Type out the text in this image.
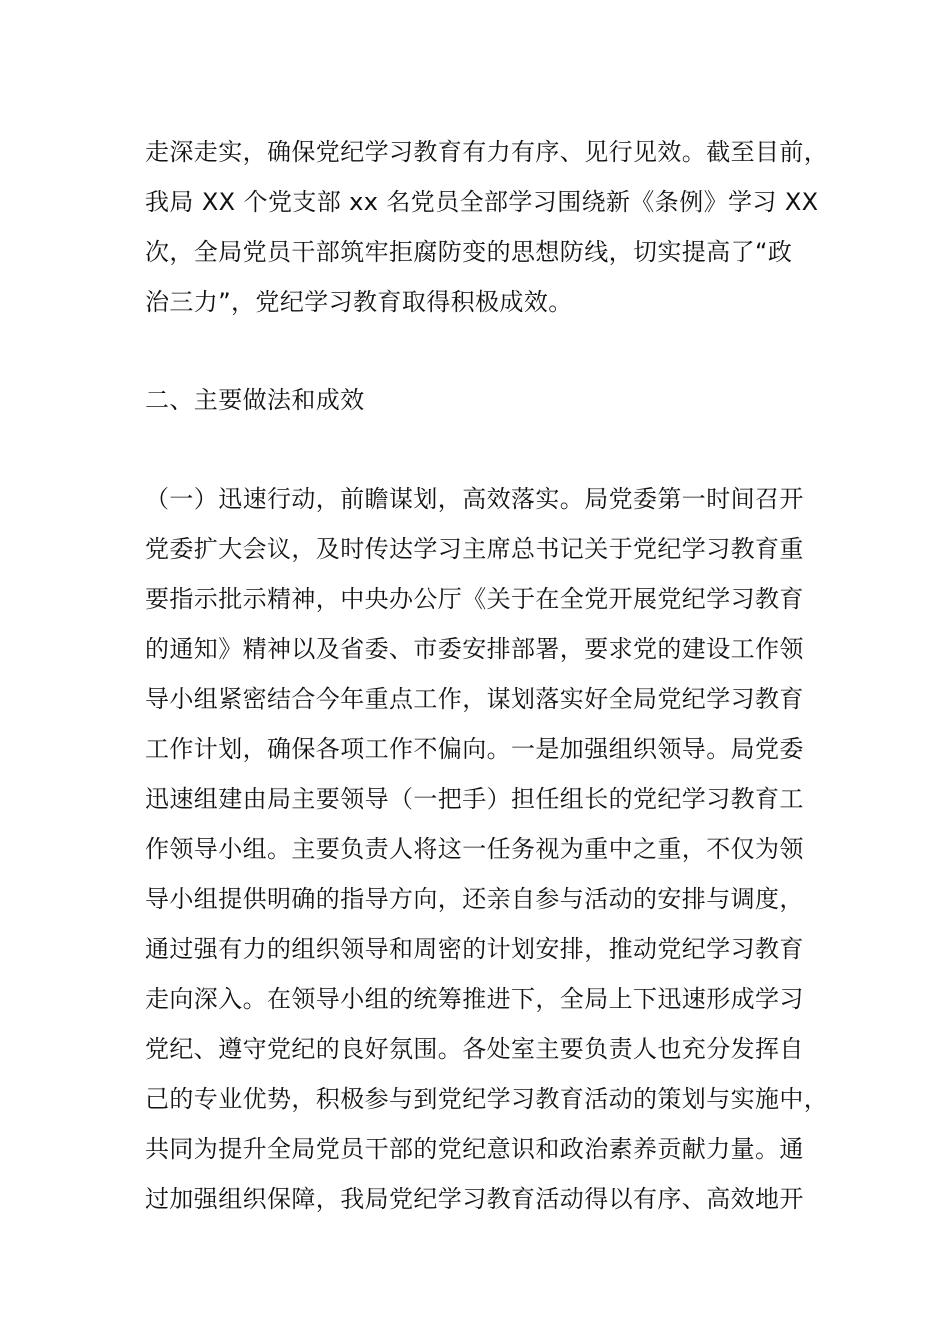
走深走实，确保党纪学习教育有力有序、见行见效。截至目前，
我局 XX 个党支部 xx 名党员全部学习围绕新《条例》学习 XX
次，全局党员干部筑牢拒腐防变的思想防线，切实提高了“政
治三力”，党纪学习教育取得积极成效。
二、主要做法和成效
（一）迅速行动，前瞻谋划，高效落实。局党委第一时间召开
党委扩大会议，及时传达学习主席总书记关于党纪学习教育重
要指示批示精神，中央办公厅《关于在全党开展党纪学习教育
的通知》精神以及省委、市委安排部署，要求党的建设工作领
导小组紧密结合今年重点工作，谋划落实好全局党纪学习教育
工作计划，确保各项工作不偏向。一是加强组织领导。局党委
迅速组建由局主要领导（一把手）担任组长的党纪学习教育工
作领导小组。主要负责人将这一任务视为重中之重，不仅为领
导小组提供明确的指导方向，还亲自参与活动的安排与调度，
通过强有力的组织领导和周密的计划安排，推动党纪学习教育
走向深入。在领导小组的统筹推进下，全局上下迅速形成学习
党纪、遵守党纪的良好氛围。各处室主要负责人也充分发挥自
己的专业优势，积极参与到党纪学习教育活动的策划与实施中，
共同为提升全局党员干部的党纪意识和政治素养贡献力量。通
过加强组织保障，我局党纪学习教育活动得以有序、高效地开
